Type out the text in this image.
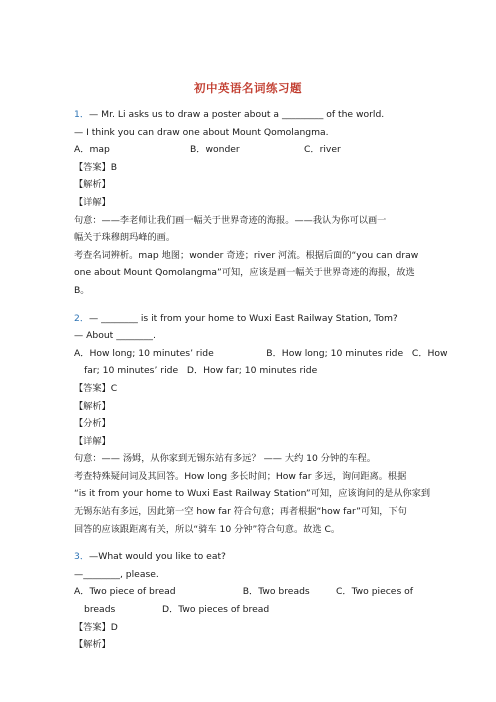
初中英语名词练习题
1．— Mr. Li asks us to draw a poster about a _________ of the world.
— I think you can draw one about Mount Qomolangma.
A．map	B．wonder	C．river
【答案】B
【解析】
【详解】
句意：——李老师让我们画一幅关于世界奇迹的海报。——我认为你可以画一
幅关于珠穆朗玛峰的画。
考查名词辨析。map 地图；wonder 奇迹；river 河流。根据后面的“you can draw
one about Mount Qomolangma”可知，应该是画一幅关于世界奇迹的海报，故选
B。
2．— ________ is it from your home to Wuxi East Railway Station, Tom?
— About ________.
A．How long; 10 minutes’ ride                  B．How long; 10 minutes ride   C．How
far; 10 minutes’ ride   D．How far; 10 minutes ride
【答案】C
【解析】
【分析】
【详解】
句意：—— 汤姆，从你家到无锡东站有多远？ —— 大约 10 分钟的车程。
考查特殊疑问词及其回答。How long 多长时间；How far 多远，询问距离。根据
“is it from your home to Wuxi East Railway Station”可知，应该询问的是从你家到
无锡东站有多远，因此第一空 how far 符合句意；再者根据“how far”可知，下句
回答的应该跟距离有关，所以“骑车 10 分钟”符合句意。故选 C。
3．—What would you like to eat?
—________, please.
A．Two piece of bread                       B．Two breads         C．Two pieces of
breads                D．Two pieces of bread
【答案】D
【解析】
